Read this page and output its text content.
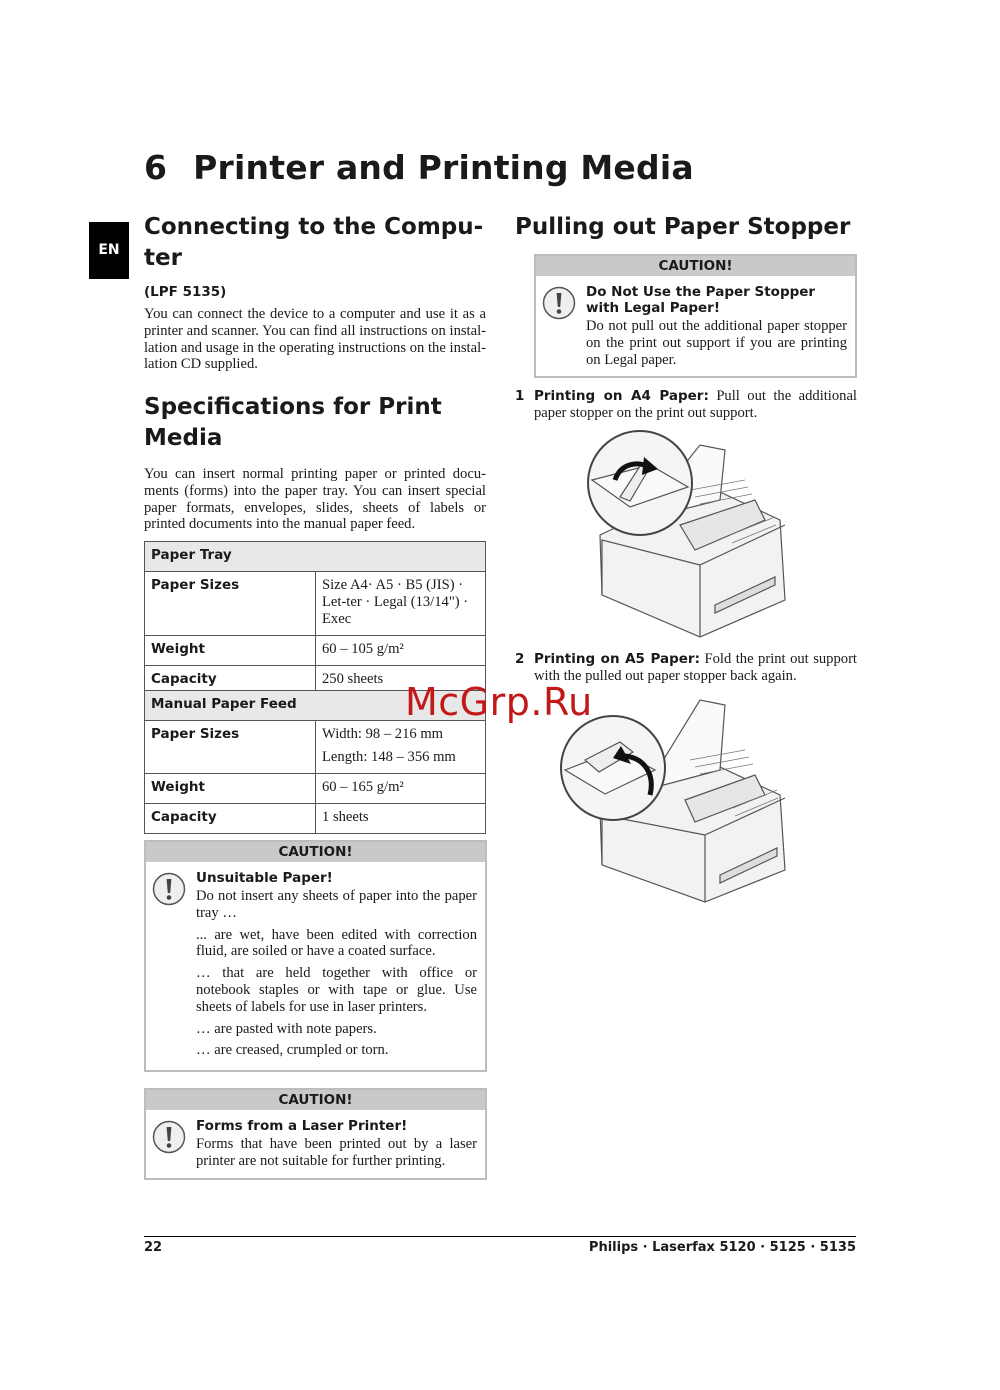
6 Printer and Printing Media
EN
Connecting to the Compu-
ter
(LPF 5135)

You can connect the device to a computer and use it as a printer and scanner. You can find all instructions on instal-lation and usage in the operating instructions on the instal-lation CD supplied.

Specifications for Print
Media

You can insert normal printing paper or printed docu-ments (forms) into the paper tray. You can insert special paper formats, envelopes, slides, sheets of labels or printed documents into the manual paper feed.

Paper Tray	
Paper Sizes	Size A4· A5 · B5 (JIS) · Let-ter · Legal (13/14") · Exec
Weight	60 – 105 g/m²
Capacity	250 sheets
Manual Paper Feed	
Paper Sizes	Width: 98 – 216 mm
Length: 148 – 356 mm

Weight	60 – 165 g/m²
Capacity	1 sheets
CAUTION!
Unsuitable Paper!

Do not insert any sheets of paper into the paper tray …

... are wet, have been edited with correction fluid, are soiled or have a coated surface.

… that are held together with office or notebook staples or with tape or glue. Use sheets of labels for use in laser printers.

… are pasted with note papers.

… are creased, crumpled or torn.

CAUTION!
Forms from a Laser Printer!

Forms that have been printed out by a laser printer are not suitable for further printing.

Pulling out Paper Stopper
CAUTION!
Do Not Use the Paper Stopper with Legal Paper!

Do not pull out the additional paper stopper on the print out support if you are printing on Legal paper.

1 Printing on A4 Paper: Pull out the additional paper stopper on the print out support.
2 Printing on A5 Paper: Fold the print out support with the pulled out paper stopper back again.
McGrp.Ru
22	Philips · Laserfax 5120 · 5125 · 5135
